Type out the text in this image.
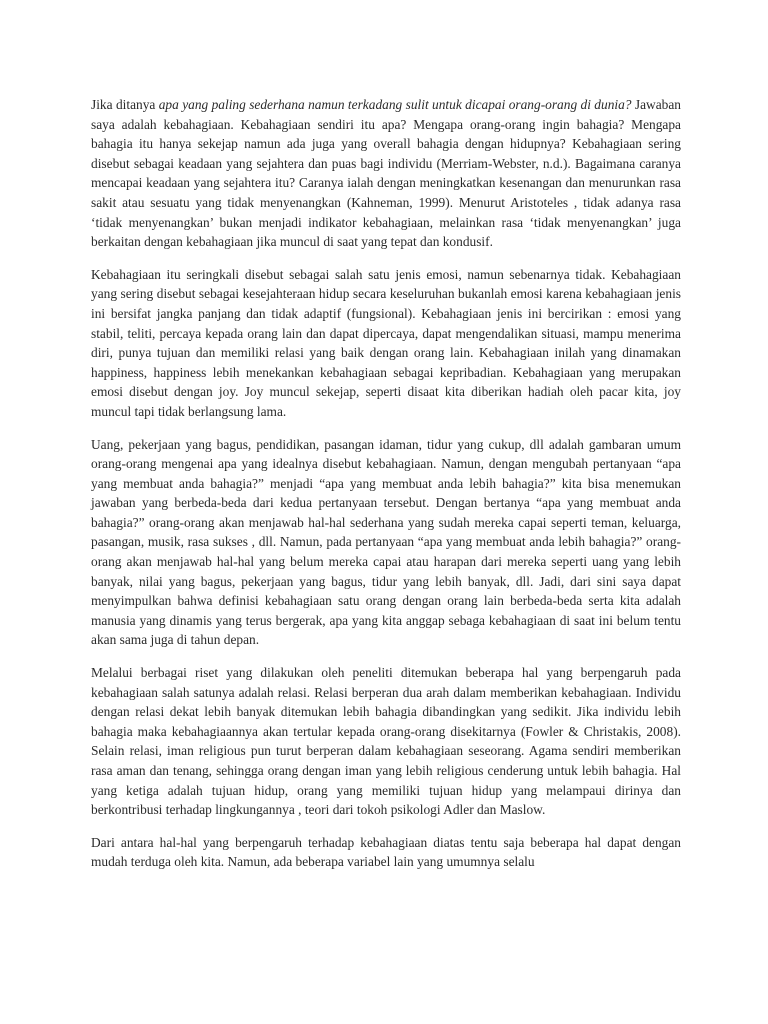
Jika ditanya apa yang paling sederhana namun terkadang sulit untuk dicapai orang-orang di dunia? Jawaban saya adalah kebahagiaan. Kebahagiaan sendiri itu apa? Mengapa orang-orang ingin bahagia? Mengapa bahagia itu hanya sekejap namun ada juga yang overall bahagia dengan hidupnya? Kebahagiaan sering disebut sebagai keadaan yang sejahtera dan puas bagi individu (Merriam-Webster, n.d.). Bagaimana caranya mencapai keadaan yang sejahtera itu? Caranya ialah dengan meningkatkan kesenangan dan menurunkan rasa sakit atau sesuatu yang tidak menyenangkan (Kahneman, 1999). Menurut Aristoteles , tidak adanya rasa ‘tidak menyenangkan’ bukan menjadi indikator kebahagiaan, melainkan rasa ‘tidak menyenangkan’ juga berkaitan dengan kebahagiaan jika muncul di saat yang tepat dan kondusif.

Kebahagiaan itu seringkali disebut sebagai salah satu jenis emosi, namun sebenarnya tidak. Kebahagiaan yang sering disebut sebagai kesejahteraan hidup secara keseluruhan bukanlah emosi karena kebahagiaan jenis ini bersifat jangka panjang dan tidak adaptif (fungsional). Kebahagiaan jenis ini bercirikan : emosi yang stabil, teliti, percaya kepada orang lain dan dapat dipercaya, dapat mengendalikan situasi, mampu menerima diri, punya tujuan dan memiliki relasi yang baik dengan orang lain. Kebahagiaan inilah yang dinamakan happiness, happiness lebih menekankan kebahagiaan sebagai kepribadian. Kebahagiaan yang merupakan emosi disebut dengan joy. Joy muncul sekejap, seperti disaat kita diberikan hadiah oleh pacar kita, joy muncul tapi tidak berlangsung lama.

Uang, pekerjaan yang bagus, pendidikan, pasangan idaman, tidur yang cukup, dll adalah gambaran umum orang-orang mengenai apa yang idealnya disebut kebahagiaan. Namun, dengan mengubah pertanyaan “apa yang membuat anda bahagia?” menjadi “apa yang membuat anda lebih bahagia?” kita bisa menemukan jawaban yang berbeda-beda dari kedua pertanyaan tersebut. Dengan bertanya “apa yang membuat anda bahagia?” orang-orang akan menjawab hal-hal sederhana yang sudah mereka capai seperti teman, keluarga, pasangan, musik, rasa sukses , dll. Namun, pada pertanyaan “apa yang membuat anda lebih bahagia?” orang-orang akan menjawab hal-hal yang belum mereka capai atau harapan dari mereka seperti uang yang lebih banyak, nilai yang bagus, pekerjaan yang bagus, tidur yang lebih banyak, dll. Jadi, dari sini saya dapat menyimpulkan bahwa definisi kebahagiaan satu orang dengan orang lain berbeda-beda serta kita adalah manusia yang dinamis yang terus bergerak, apa yang kita anggap sebaga kebahagiaan di saat ini belum tentu akan sama juga di tahun depan.

Melalui berbagai riset yang dilakukan oleh peneliti ditemukan beberapa hal yang berpengaruh pada kebahagiaan salah satunya adalah relasi. Relasi berperan dua arah dalam memberikan kebahagiaan. Individu dengan relasi dekat lebih banyak ditemukan lebih bahagia dibandingkan yang sedikit. Jika individu lebih bahagia maka kebahagiaannya akan tertular kepada orang-orang disekitarnya (Fowler & Christakis, 2008). Selain relasi, iman religious pun turut berperan dalam kebahagiaan seseorang. Agama sendiri memberikan rasa aman dan tenang, sehingga orang dengan iman yang lebih religious cenderung untuk lebih bahagia. Hal yang ketiga adalah tujuan hidup, orang yang memiliki tujuan hidup yang melampaui dirinya dan berkontribusi terhadap lingkungannya , teori dari tokoh psikologi Adler dan Maslow.

Dari antara hal-hal yang berpengaruh terhadap kebahagiaan diatas tentu saja beberapa hal dapat dengan mudah terduga oleh kita. Namun, ada beberapa variabel lain yang umumnya selalu
